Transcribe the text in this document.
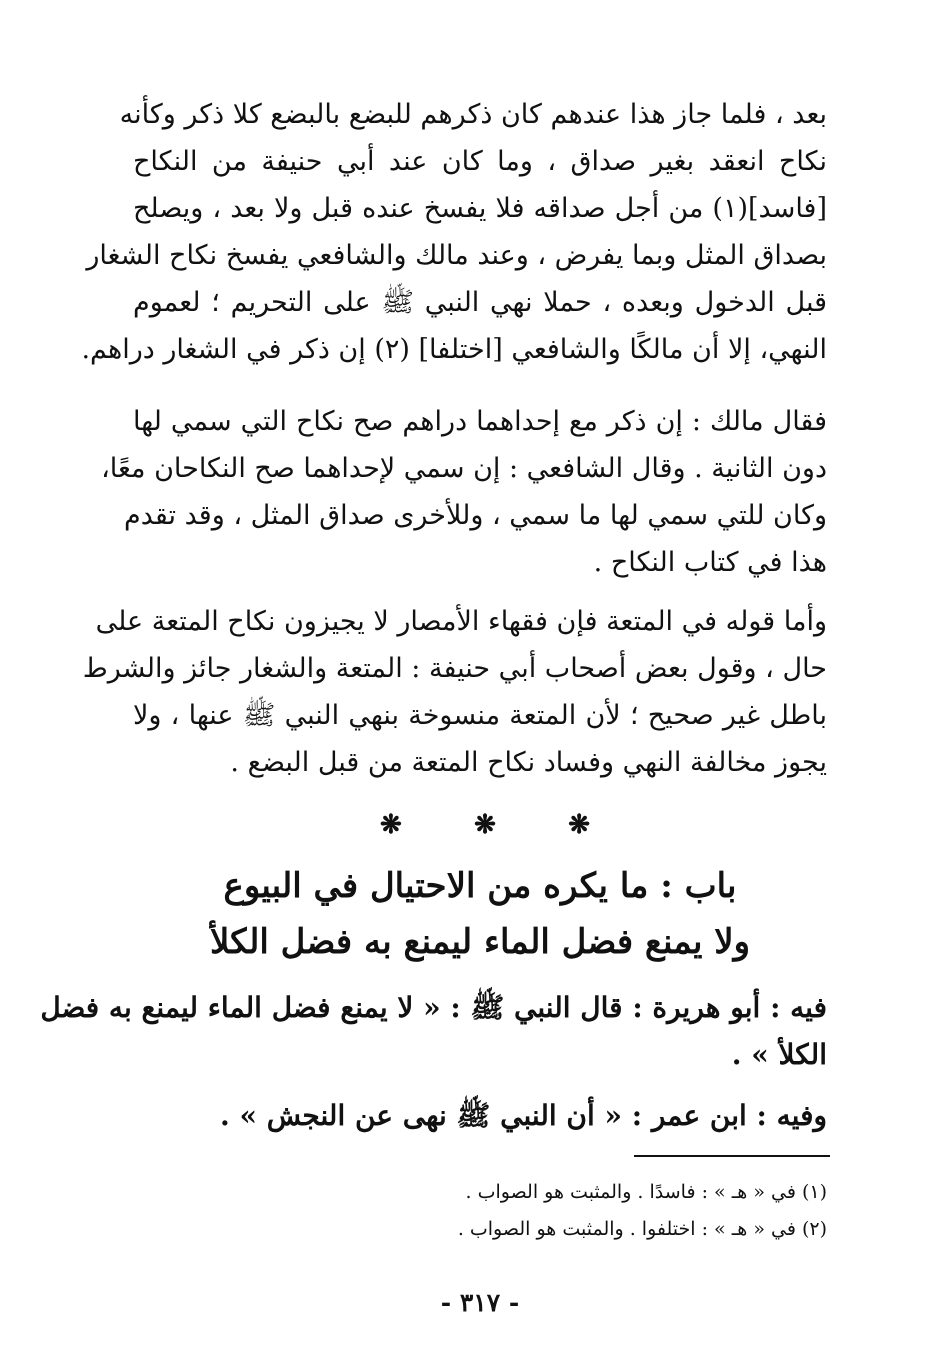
بعد ، فلما جاز هذا عندهم كان ذكرهم للبضع بالبضع كلا ذكر وكأنه
نكاح انعقد بغير صداق ، وما كان عند أبي حنيفة من النكاح
[فاسد](١) من أجل صداقه فلا يفسخ عنده قبل ولا بعد ، ويصلح
بصداق المثل وبما يفرض ، وعند مالك والشافعي يفسخ نكاح الشغار
قبل الدخول وبعده ، حملا نهي النبي ﷺ على التحريم ؛ لعموم
النهي، إلا أن مالكًا والشافعي [اختلفا] (٢) إن ذكر في الشغار دراهم.
فقال مالك : إن ذكر مع إحداهما دراهم صح نكاح التي سمي لها
دون الثانية . وقال الشافعي : إن سمي لإحداهما صح النكاحان معًا،
وكان للتي سمي لها ما سمي ، وللأخرى صداق المثل ، وقد تقدم
هذا في كتاب النكاح .
وأما قوله في المتعة فإن فقهاء الأمصار لا يجيزون نكاح المتعة على
حال ، وقول بعض أصحاب أبي حنيفة : المتعة والشغار جائز والشرط
باطل غير صحيح ؛ لأن المتعة منسوخة بنهي النبي ﷺ عنها ، ولا
يجوز مخالفة النهي وفساد نكاح المتعة من قبل البضع .
❋	❋	❋
باب : ما يكره من الاحتيال في البيوع
ولا يمنع فضل الماء ليمنع به فضل الكلأ
فيه : أبو هريرة : قال النبي ﷺ : « لا يمنع فضل الماء ليمنع به فضل
الكلأ » .
وفيه : ابن عمر : « أن النبي ﷺ نهى عن النجش » .
(١) في « هـ » : فاسدًا . والمثبت هو الصواب .
(٢) في « هـ » : اختلفوا . والمثبت هو الصواب .
- ٣١٧ -
